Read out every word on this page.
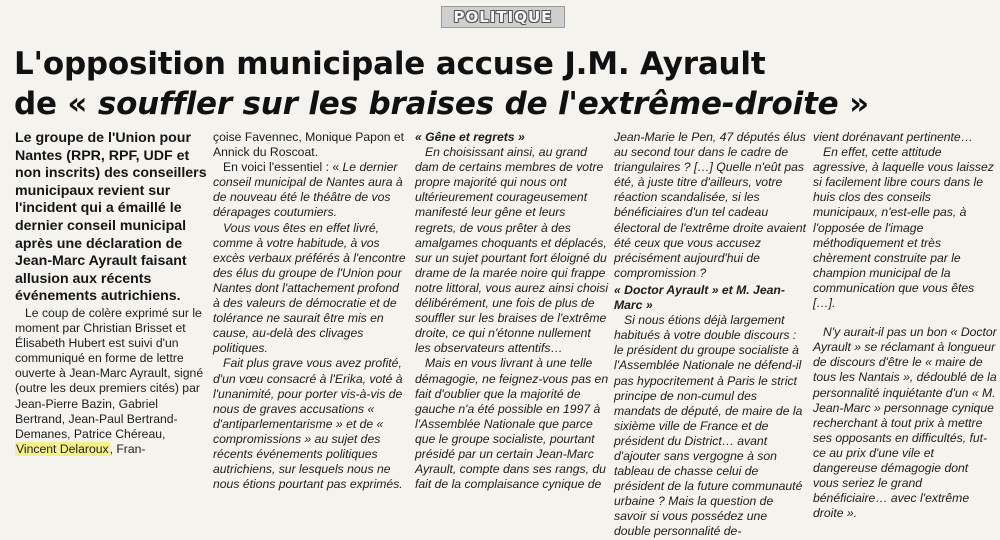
POLITIQUE
L'opposition municipale accuse J.M. Ayrault
de « souffler sur les braises de l'extrême-droite »

Le groupe de l'Union pour Nantes (RPR, RPF, UDF et non inscrits) des conseillers municipaux revient sur l'incident qui a émaillé le dernier conseil municipal après une déclaration de Jean-Marc Ayrault faisant allusion aux récents événements autrichiens.

Le coup de colère exprimé sur le moment par Christian Brisset et Élisabeth Hubert est suivi d'un communiqué en forme de lettre ouverte à Jean-Marc Ayrault, signé (outre les deux premiers cités) par Jean-Pierre Bazin, Gabriel Bertrand, Jean-Paul Bertrand-Demanes, Patrice Chéreau, Vincent Delaroux, Fran-

çoise Favennec, Monique Papon et Annick du Roscoat.

En voici l'essentiel : « Le dernier conseil municipal de Nantes aura à de nouveau été le théâtre de vos dérapages coutumiers.

Vous vous êtes en effet livré, comme à votre habitude, à vos excès verbaux préférés à l'encontre des élus du groupe de l'Union pour Nantes dont l'attachement profond à des valeurs de démocratie et de tolérance ne saurait être mis en cause, au-delà des clivages politiques.

Fait plus grave vous avez profité, d'un vœu consacré à l'Erika, voté à l'unanimité, pour porter vis-à-vis de nous de graves accusations « d'antiparlementarisme » et de « compromissions » au sujet des récents événements politiques autrichiens, sur lesquels nous ne nous étions pourtant pas exprimés.

« Gêne et regrets »

En choisissant ainsi, au grand dam de certains membres de votre propre majorité qui nous ont ultérieurement courageusement manifesté leur gêne et leurs regrets, de vous prêter à des amalgames choquants et déplacés, sur un sujet pourtant fort éloigné du drame de la marée noire qui frappe notre littoral, vous aurez ainsi choisi délibérément, une fois de plus de souffler sur les braises de l'extrême droite, ce qui n'étonne nullement les observateurs attentifs…

Mais en vous livrant à une telle démagogie, ne feignez-vous pas en fait d'oublier que la majorité de gauche n'a été possible en 1997 à l'Assemblée Nationale que parce que le groupe socialiste, pourtant présidé par un certain Jean-Marc Ayrault, compte dans ses rangs, du fait de la complaisance cynique de

Jean-Marie le Pen, 47 députés élus au second tour dans le cadre de triangulaires ? […] Quelle n'eût pas été, à juste titre d'ailleurs, votre réaction scandalisée, si les bénéficiaires d'un tel cadeau électoral de l'extrême droite avaient été ceux que vous accusez précisément aujourd'hui de compromission ?

« Doctor Ayrault » et M. Jean-Marc »

Si nous étions déjà largement habitués à votre double discours : le président du groupe socialiste à l'Assemblée Nationale ne défend-il pas hypocritement à Paris le strict principe de non-cumul des mandats de député, de maire de la sixième ville de France et de président du District… avant d'ajouter sans vergogne à son tableau de chasse celui de président de la future communauté urbaine ? Mais la question de savoir si vous possédez une double personnalité de-

vient dorénavant pertinente…

En effet, cette attitude agressive, à laquelle vous laissez si facilement libre cours dans le huis clos des conseils municipaux, n'est-elle pas, à l'opposée de l'image méthodiquement et très chèrement construite par le champion municipal de la communication que vous êtes […].

N'y aurait-il pas un bon « Doctor Ayrault » se réclamant à longueur de discours d'être le « maire de tous les Nantais », dédoublé de la personnalité inquiétante d'un « M. Jean-Marc » personnage cynique recherchant à tout prix à mettre ses opposants en difficultés, fut-ce au prix d'une vile et dangereuse démagogie dont vous seriez le grand bénéficiaire… avec l'extrême droite ».
